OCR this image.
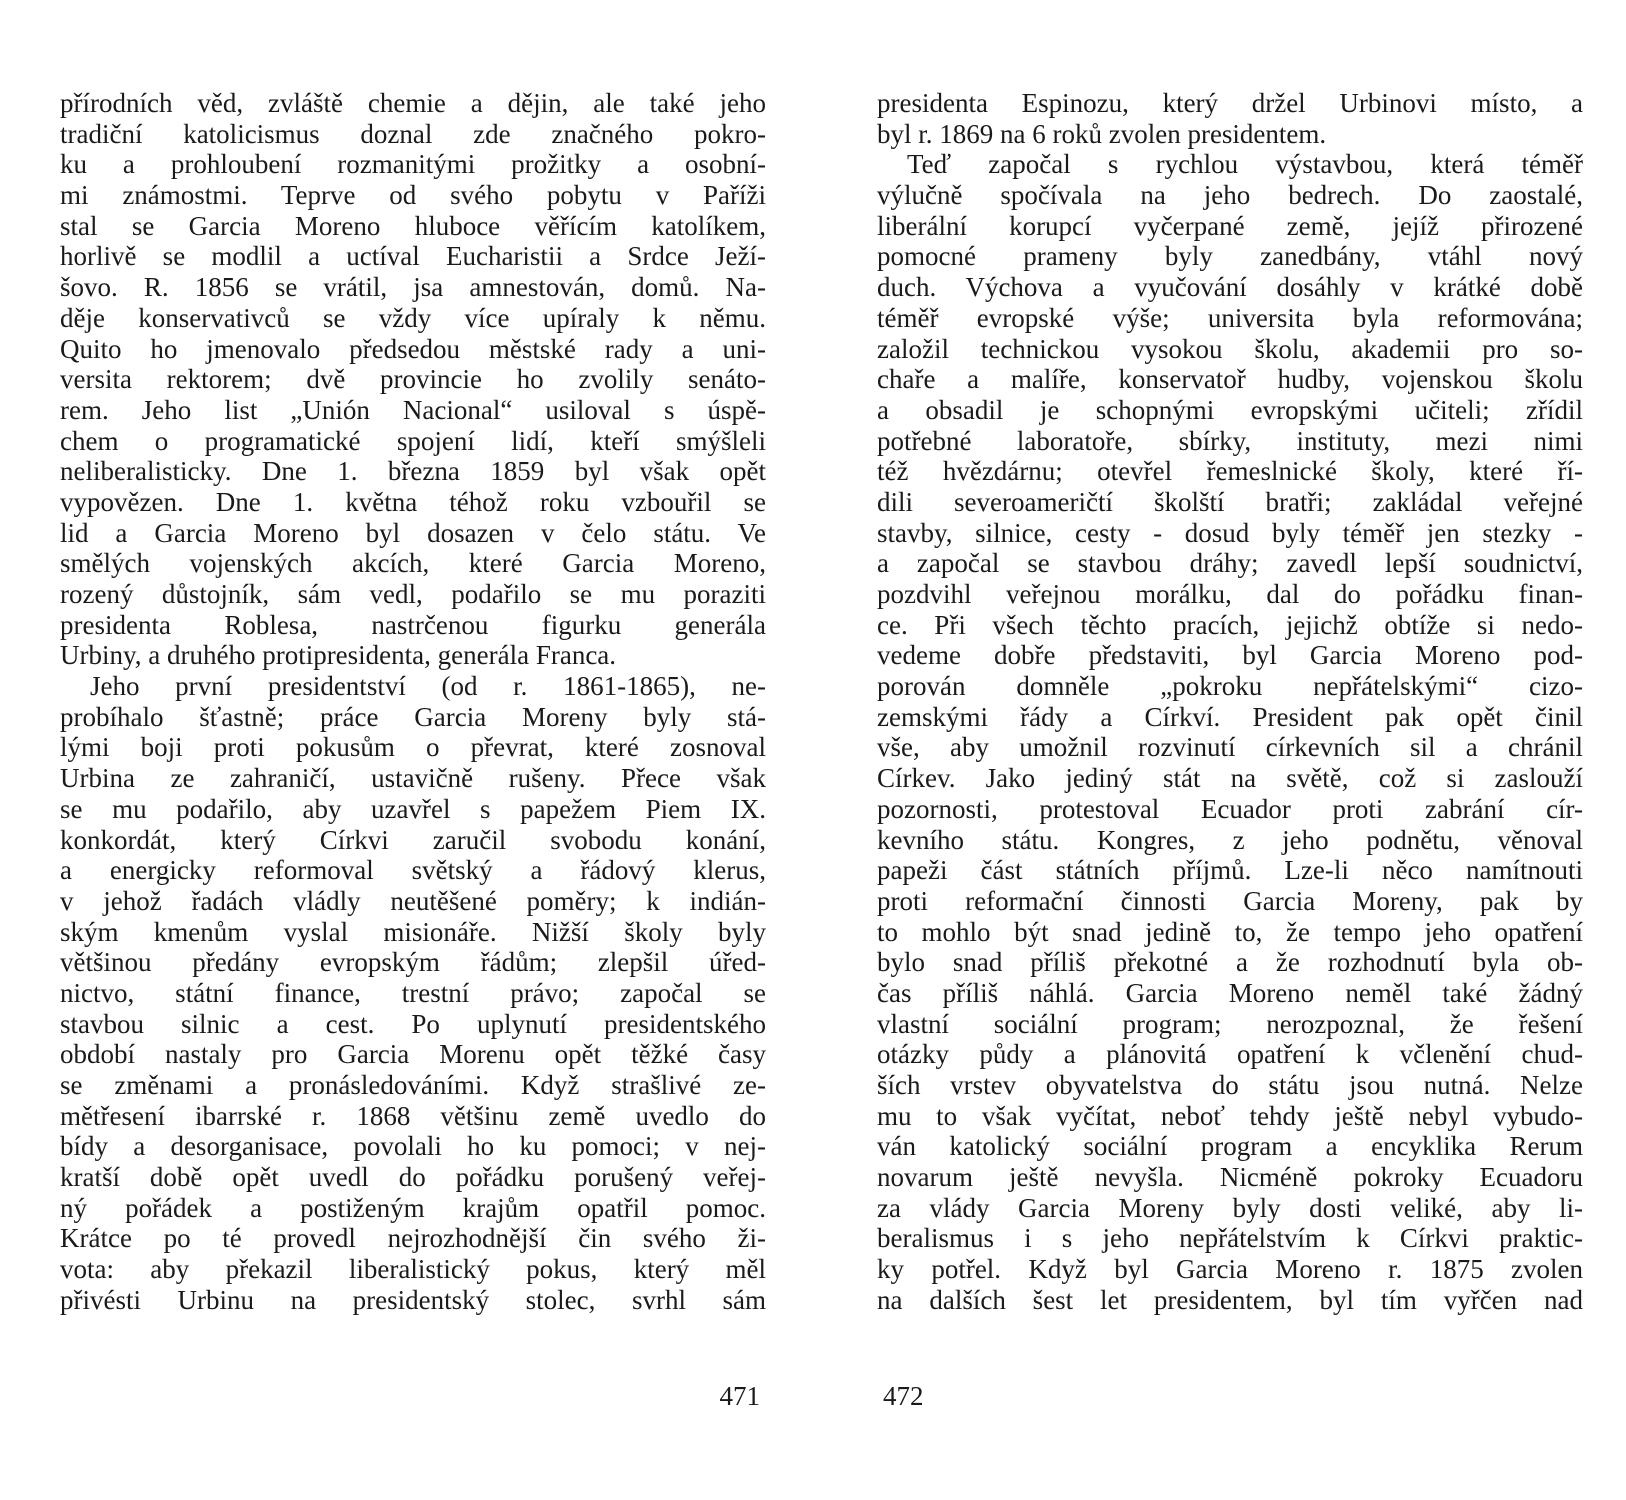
přírodních věd, zvláště chemie a dějin, ale také jeho
tradiční katolicismus doznal zde značného pokro-
ku a prohloubení rozmanitými prožitky a osobní-
mi známostmi. Teprve od svého pobytu v Paříži
stal se Garcia Moreno hluboce věřícím katolíkem,
horlivě se modlil a uctíval Eucharistii a Srdce Ježí-
šovo. R. 1856 se vrátil, jsa amnestován, domů. Na-
děje konservativců se vždy více upíraly k němu.
Quito ho jmenovalo předsedou městské rady a uni-
versita rektorem; dvě provincie ho zvolily senáto-
rem. Jeho list „Unión Nacional“ usiloval s úspě-
chem o programatické spojení lidí, kteří smýšleli
neliberalisticky. Dne 1. března 1859 byl však opět
vypovězen. Dne 1. května téhož roku vzbouřil se
lid a Garcia Moreno byl dosazen v čelo státu. Ve
smělých vojenských akcích, které Garcia Moreno,
rozený důstojník, sám vedl, podařilo se mu poraziti
presidenta Roblesa, nastrčenou figurku generála
Urbiny, a druhého protipresidenta, generála Franca.
Jeho první presidentství (od r. 1861-1865), ne-
probíhalo šťastně; práce Garcia Moreny byly stá-
lými boji proti pokusům o převrat, které zosnoval
Urbina ze zahraničí, ustavičně rušeny. Přece však
se mu podařilo, aby uzavřel s papežem Piem IX.
konkordát, který Církvi zaručil svobodu konání,
a energicky reformoval světský a řádový klerus,
v jehož řadách vládly neutěšené poměry; k indián-
ským kmenům vyslal misionáře. Nižší školy byly
většinou předány evropským řádům; zlepšil úřed-
nictvo, státní finance, trestní právo; započal se
stavbou silnic a cest. Po uplynutí presidentského
období nastaly pro Garcia Morenu opět těžké časy
se změnami a pronásledováními. Když strašlivé ze-
mětřesení ibarrské r. 1868 většinu země uvedlo do
bídy a desorganisace, povolali ho ku pomoci; v nej-
kratší době opět uvedl do pořádku porušený veřej-
ný pořádek a postiženým krajům opatřil pomoc.
Krátce po té provedl nejrozhodnější čin svého ži-
vota: aby překazil liberalistický pokus, který měl
přivésti Urbinu na presidentský stolec, svrhl sám
471
presidenta Espinozu, který držel Urbinovi místo, a
byl r. 1869 na 6 roků zvolen presidentem.
Teď započal s rychlou výstavbou, která téměř
výlučně spočívala na jeho bedrech. Do zaostalé,
liberální korupcí vyčerpané země, jejíž přirozené
pomocné prameny byly zanedbány, vtáhl nový
duch. Výchova a vyučování dosáhly v krátké době
téměř evropské výše; universita byla reformována;
založil technickou vysokou školu, akademii pro so-
chaře a malíře, konservatoř hudby, vojenskou školu
a obsadil je schopnými evropskými učiteli; zřídil
potřebné laboratoře, sbírky, instituty, mezi nimi
též hvězdárnu; otevřel řemeslnické školy, které ří-
dili severoameričtí školští bratři; zakládal veřejné
stavby, silnice, cesty - dosud byly téměř jen stezky -
a započal se stavbou dráhy; zavedl lepší soudnictví,
pozdvihl veřejnou morálku, dal do pořádku finan-
ce. Při všech těchto pracích, jejichž obtíže si nedo-
vedeme dobře představiti, byl Garcia Moreno pod-
porován domněle „pokroku nepřátelskými“ cizo-
zemskými řády a Církví. President pak opět činil
vše, aby umožnil rozvinutí církevních sil a chránil
Církev. Jako jediný stát na světě, což si zaslouží
pozornosti, protestoval Ecuador proti zabrání cír-
kevního státu. Kongres, z jeho podnětu, věnoval
papeži část státních příjmů. Lze-li něco namítnouti
proti reformační činnosti Garcia Moreny, pak by
to mohlo být snad jedině to, že tempo jeho opatření
bylo snad příliš překotné a že rozhodnutí byla ob-
čas příliš náhlá. Garcia Moreno neměl také žádný
vlastní sociální program; nerozpoznal, že řešení
otázky půdy a plánovitá opatření k včlenění chud-
ších vrstev obyvatelstva do státu jsou nutná. Nelze
mu to však vyčítat, neboť tehdy ještě nebyl vybudo-
ván katolický sociální program a encyklika Rerum
novarum ještě nevyšla. Nicméně pokroky Ecuadoru
za vlády Garcia Moreny byly dosti veliké, aby li-
beralismus i s jeho nepřátelstvím k Církvi praktic-
ky potřel. Když byl Garcia Moreno r. 1875 zvolen
na dalších šest let presidentem, byl tím vyřčen nad
472
